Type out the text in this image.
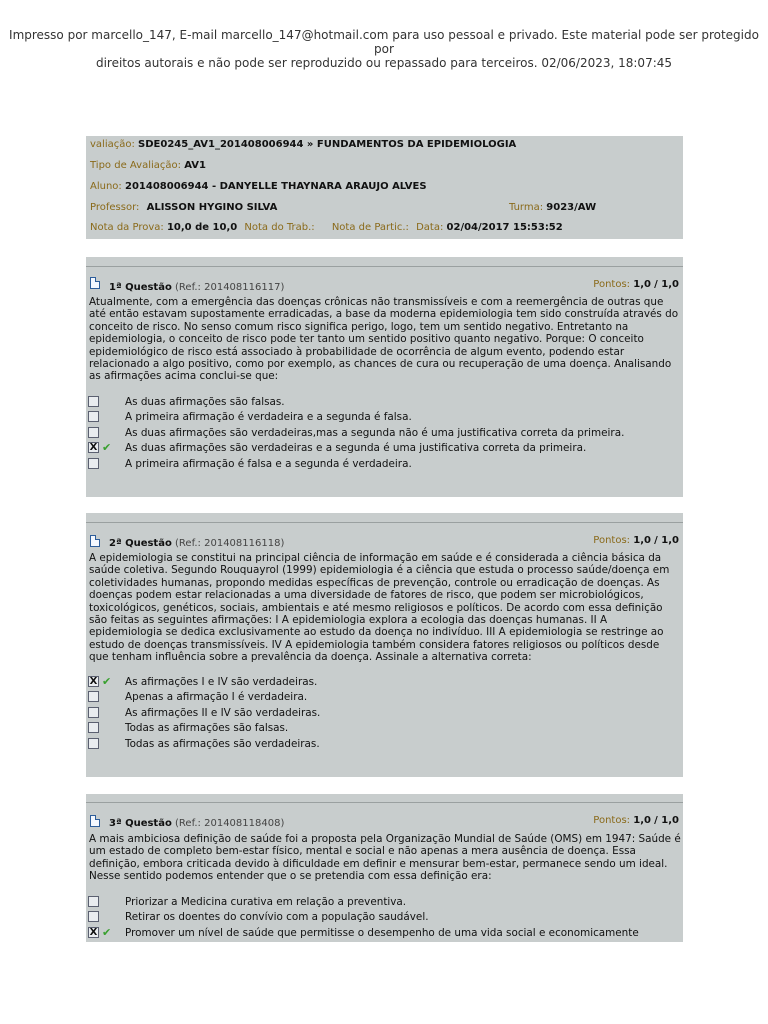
Impresso por marcello_147, E-mail marcello_147@hotmail.com para uso pessoal e privado. Este material pode ser protegido por
direitos autorais e não pode ser reproduzido ou repassado para terceiros. 02/06/2023, 18:07:45
valiação: SDE0245_AV1_201408006944 » FUNDAMENTOS DA EPIDEMIOLOGIA
Tipo de Avaliação: AV1
Aluno: 201408006944 - DANYELLE THAYNARA ARAUJO ALVES
Professor: ALISSON HYGINO SILVA	Turma: 9023/AW
Nota da Prova: 10,0 de 10,0 Nota do Trab.: Nota de Partic.: Data: 02/04/2017 15:53:52
1ª Questão (Ref.: 201408116117)	Pontos: 1,0 / 1,0
Atualmente, com a emergência das doenças crônicas não transmissíveis e com a reemergência de outras que até então estavam supostamente erradicadas, a base da moderna epidemiologia tem sido construída através do conceito de risco. No senso comum risco significa perigo, logo, tem um sentido negativo. Entretanto na epidemiologia, o conceito de risco pode ter tanto um sentido positivo quanto negativo. Porque: O conceito epidemiológico de risco está associado à probabilidade de ocorrência de algum evento, podendo estar relacionado a algo positivo, como por exemplo, as chances de cura ou recuperação de uma doença. Analisando as afirmações acima conclui-se que:
As duas afirmações são falsas.
A primeira afirmação é verdadeira e a segunda é falsa.
As duas afirmações são verdadeiras,mas a segunda não é uma justificativa correta da primeira.
X ✔ As duas afirmações são verdadeiras e a segunda é uma justificativa correta da primeira.
A primeira afirmação é falsa e a segunda é verdadeira.
2ª Questão (Ref.: 201408116118)	Pontos: 1,0 / 1,0
A epidemiologia se constitui na principal ciência de informação em saúde e é considerada a ciência básica da saúde coletiva. Segundo Rouquayrol (1999) epidemiologia é a ciência que estuda o processo saúde/doença em coletividades humanas, propondo medidas específicas de prevenção, controle ou erradicação de doenças. As doenças podem estar relacionadas a uma diversidade de fatores de risco, que podem ser microbiológicos, toxicológicos, genéticos, sociais, ambientais e até mesmo religiosos e políticos. De acordo com essa definição são feitas as seguintes afirmações: I A epidemiologia explora a ecologia das doenças humanas. II A epidemiologia se dedica exclusivamente ao estudo da doença no indivíduo. III A epidemiologia se restringe ao estudo de doenças transmissíveis. IV A epidemiologia também considera fatores religiosos ou políticos desde que tenham influência sobre a prevalência da doença. Assinale a alternativa correta:
X ✔ As afirmações I e IV são verdadeiras.
Apenas a afirmação I é verdadeira.
As afirmações II e IV são verdadeiras.
Todas as afirmações são falsas.
Todas as afirmações são verdadeiras.
3ª Questão (Ref.: 201408118408)	Pontos: 1,0 / 1,0
A mais ambiciosa definição de saúde foi a proposta pela Organização Mundial de Saúde (OMS) em 1947: Saúde é um estado de completo bem-estar físico, mental e social e não apenas a mera ausência de doença. Essa definição, embora criticada devido à dificuldade em definir e mensurar bem-estar, permanece sendo um ideal. Nesse sentido podemos entender que o se pretendia com essa definição era:
Priorizar a Medicina curativa em relação a preventiva.
Retirar os doentes do convívio com a população saudável.
X ✔ Promover um nível de saúde que permitisse o desempenho de uma vida social e economicamente
